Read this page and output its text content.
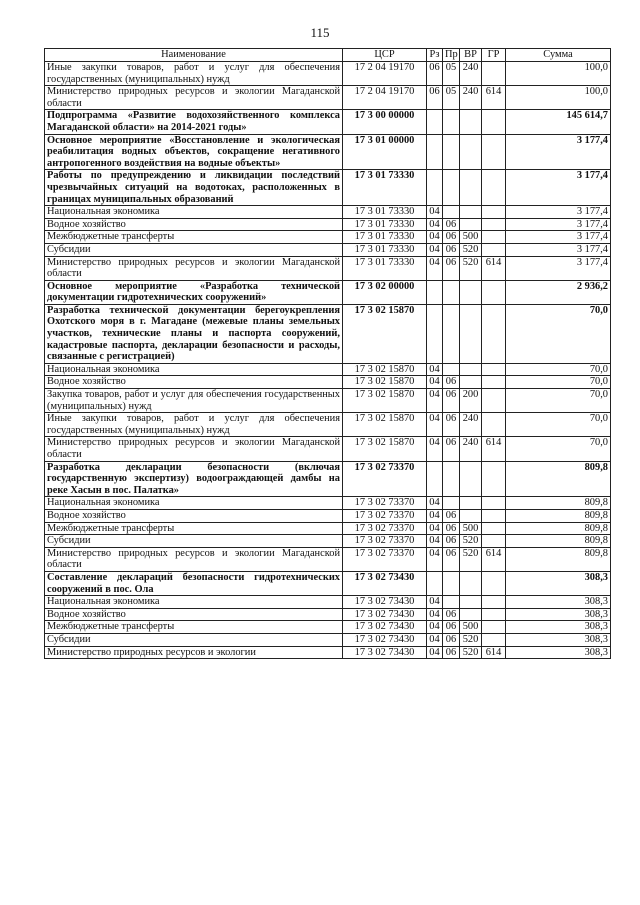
115
Наименование	ЦСР	Рз	Пр	ВР	ГР	Сумма
Иные закупки товаров, работ и услуг для обеспечения государственных (муниципальных) нужд	17 2 04 19170	06	05	240		100,0
Министерство природных ресурсов и экологии Магаданской области	17 2 04 19170	06	05	240	614	100,0
Подпрограмма «Развитие водохозяйственного комплекса Магаданской области» на 2014-2021 годы»	17 3 00 00000					145 614,7
Основное мероприятие «Восстановление и экологическая реабилитация водных объектов, сокращение негативного антропогенного воздействия на водные объекты»	17 3 01 00000					3 177,4
Работы по предупреждению и ликвидации последствий чрезвычайных ситуаций на водотоках, расположенных в границах муниципальных образований	17 3 01 73330					3 177,4
Национальная экономика	17 3 01 73330	04				3 177,4
Водное хозяйство	17 3 01 73330	04	06			3 177,4
Межбюджетные трансферты	17 3 01 73330	04	06	500		3 177,4
Субсидии	17 3 01 73330	04	06	520		3 177,4
Министерство природных ресурсов и экологии Магаданской области	17 3 01 73330	04	06	520	614	3 177,4
Основное мероприятие «Разработка технической документации гидротехнических сооружений»	17 3 02 00000					2 936,2
Разработка технической документации берегоукрепления Охотского моря в г. Магадане (межевые планы земельных участков, технические планы и паспорта сооружений, кадастровые паспорта, декларации безопасности и расходы, связанные с регистрацией)	17 3 02 15870					70,0
Национальная экономика	17 3 02 15870	04				70,0
Водное хозяйство	17 3 02 15870	04	06			70,0
Закупка товаров, работ и услуг для обеспечения государственных (муниципальных) нужд	17 3 02 15870	04	06	200		70,0
Иные закупки товаров, работ и услуг для обеспечения государственных (муниципальных) нужд	17 3 02 15870	04	06	240		70,0
Министерство природных ресурсов и экологии Магаданской области	17 3 02 15870	04	06	240	614	70,0
Разработка декларации безопасности (включая государственную экспертизу) водоограждающей дамбы на реке Хасын в пос. Палатка»	17 3 02 73370					809,8
Национальная экономика	17 3 02 73370	04				809,8
Водное хозяйство	17 3 02 73370	04	06			809,8
Межбюджетные трансферты	17 3 02 73370	04	06	500		809,8
Субсидии	17 3 02 73370	04	06	520		809,8
Министерство природных ресурсов и экологии Магаданской области	17 3 02 73370	04	06	520	614	809,8
Составление деклараций безопасности гидротехнических сооружений в пос. Ола	17 3 02 73430					308,3
Национальная экономика	17 3 02 73430	04				308,3
Водное хозяйство	17 3 02 73430	04	06			308,3
Межбюджетные трансферты	17 3 02 73430	04	06	500		308,3
Субсидии	17 3 02 73430	04	06	520		308,3
Министерство природных ресурсов и экологии	17 3 02 73430	04	06	520	614	308,3
